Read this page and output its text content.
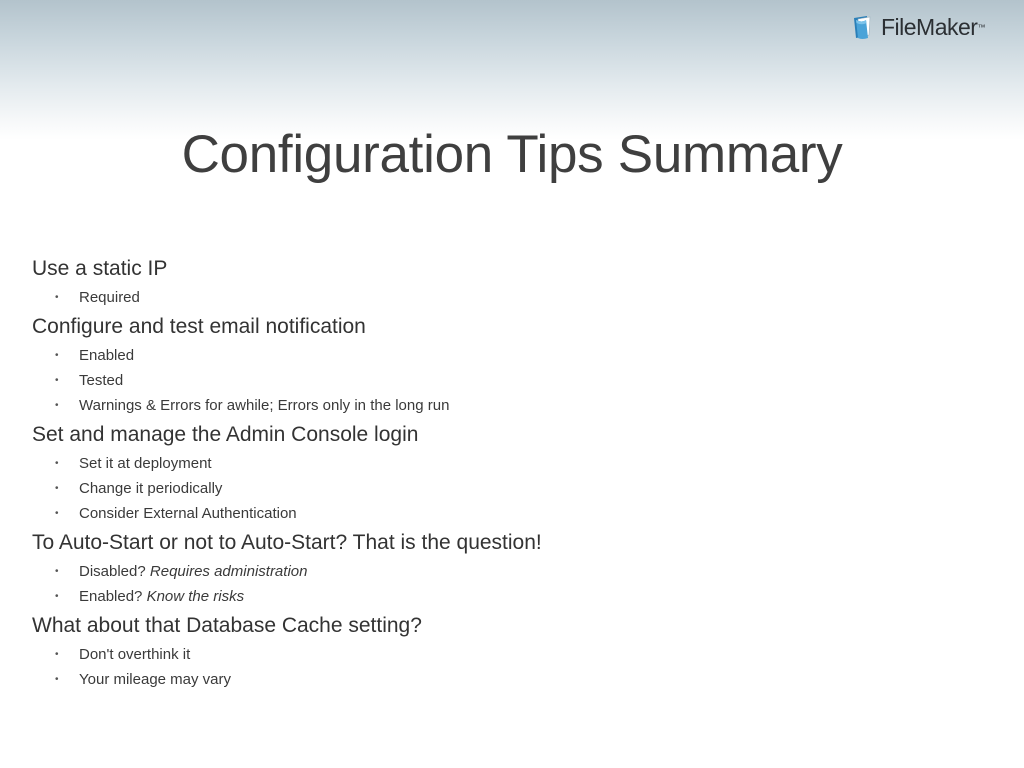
FileMaker ™
Configuration Tips Summary
Use a static IP
• Required
Configure and test email notification
• Enabled
• Tested
• Warnings & Errors for awhile; Errors only in the long run
Set and manage the Admin Console login
• Set it at deployment
• Change it periodically
• Consider External Authentication
To Auto-Start or not to Auto-Start? That is the question!
• Disabled? Requires administration
• Enabled? Know the risks
What about that Database Cache setting?
• Don't overthink it
• Your mileage may vary
